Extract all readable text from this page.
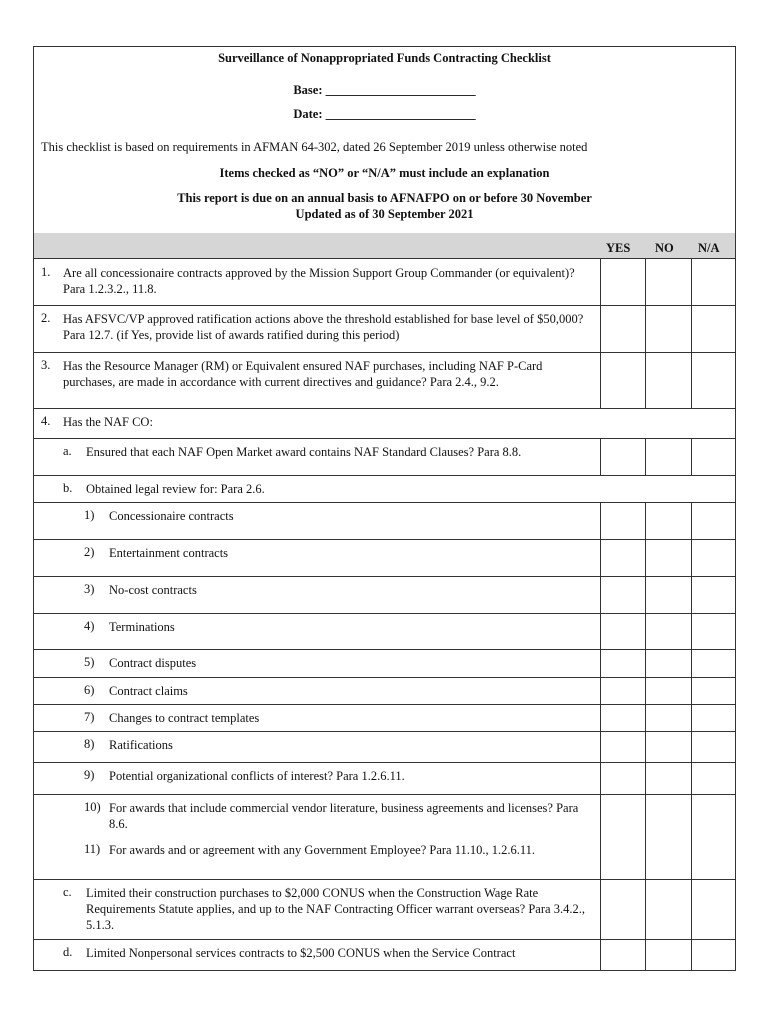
Surveillance of Nonappropriated Funds Contracting Checklist
Base: ________________________
Date: ________________________
This checklist is based on requirements in AFMAN 64-302, dated 26 September 2019 unless otherwise noted
Items checked as “NO” or “N/A” must include an explanation
This report is due on an annual basis to AFNAFPO on or before 30 November
Updated as of 30 September 2021
YES NO N/A
1. Are all concessionaire contracts approved by the Mission Support Group Commander (or equivalent)? Para 1.2.3.2., 11.8.
2. Has AFSVC/VP approved ratification actions above the threshold established for base level of $50,000? Para 12.7. (if Yes, provide list of awards ratified during this period)
3. Has the Resource Manager (RM) or Equivalent ensured NAF purchases, including NAF P-Card purchases, are made in accordance with current directives and guidance? Para 2.4., 9.2.
4. Has the NAF CO:
a. Ensured that each NAF Open Market award contains NAF Standard Clauses? Para 8.8.
b. Obtained legal review for: Para 2.6.
1) Concessionaire contracts
2) Entertainment contracts
3) No-cost contracts
4) Terminations
5) Contract disputes
6) Contract claims
7) Changes to contract templates
8) Ratifications
9) Potential organizational conflicts of interest? Para 1.2.6.11.
10) For awards that include commercial vendor literature, business agreements and licenses? Para 8.6.
11) For awards and or agreement with any Government Employee? Para 11.10., 1.2.6.11.
c. Limited their construction purchases to $2,000 CONUS when the Construction Wage Rate Requirements Statute applies, and up to the NAF Contracting Officer warrant overseas? Para 3.4.2., 5.1.3.
d. Limited Nonpersonal services contracts to $2,500 CONUS when the Service Contract
